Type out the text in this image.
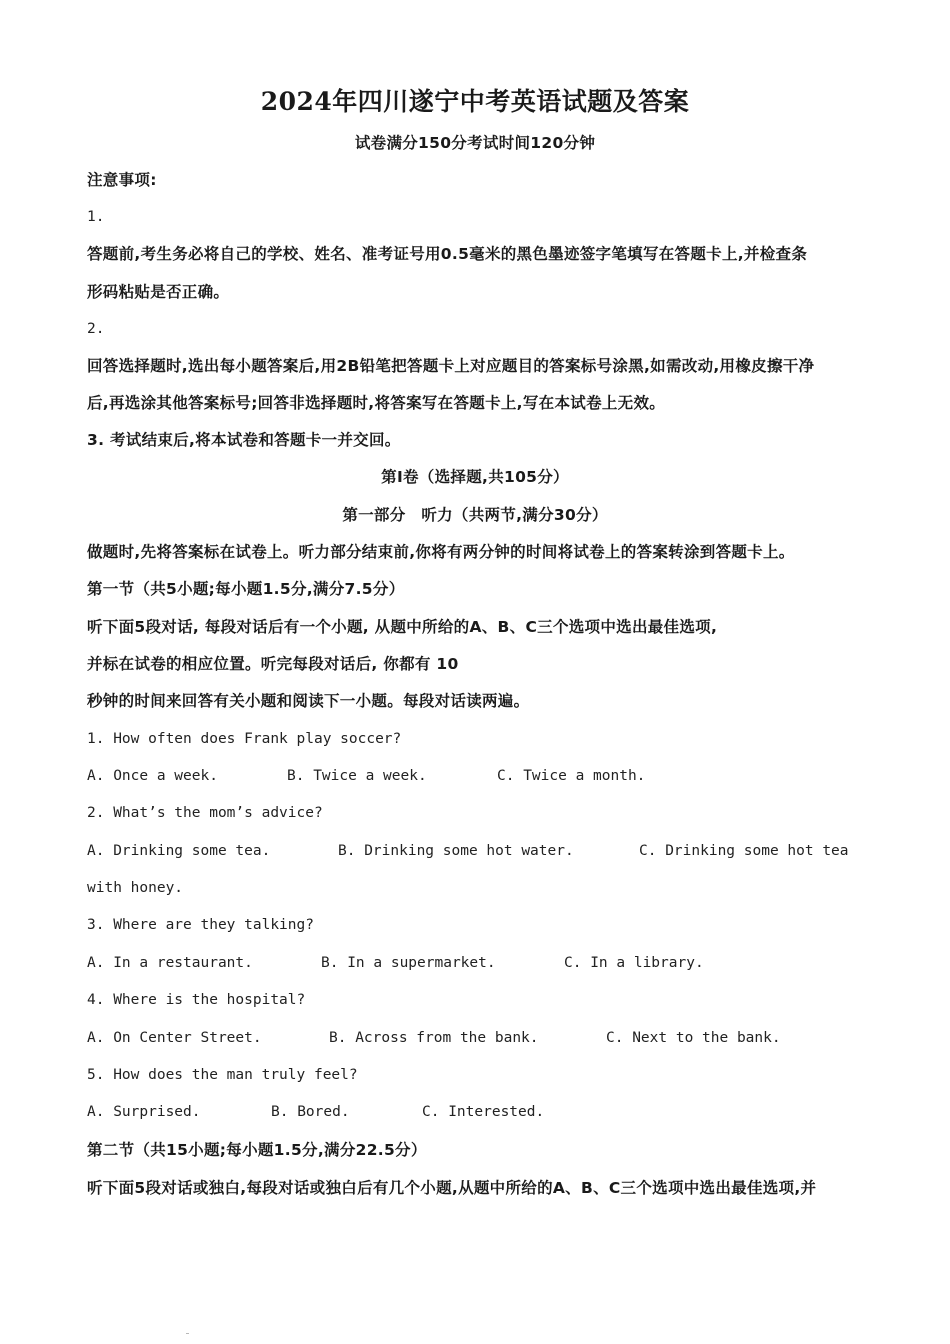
2024年四川遂宁中考英语试题及答案
试卷满分150分考试时间120分钟
注意事项:
1.
答题前,考生务必将自己的学校、姓名、准考证号用0.5毫米的黑色墨迹签字笔填写在答题卡上,并检查条
形码粘贴是否正确。
2.
回答选择题时,选出每小题答案后,用2B铅笔把答题卡上对应题目的答案标号涂黑,如需改动,用橡皮擦干净
后,再选涂其他答案标号;回答非选择题时,将答案写在答题卡上,写在本试卷上无效。
3. 考试结束后,将本试卷和答题卡一并交回。
第Ⅰ卷（选择题,共105分）
第一部分　听力（共两节,满分30分）
做题时,先将答案标在试卷上。听力部分结束前,你将有两分钟的时间将试卷上的答案转涂到答题卡上。
第一节（共5小题;每小题1.5分,满分7.5分）
听下面5段对话, 每段对话后有一个小题, 从题中所给的A、B、C三个选项中选出最佳选项,
并标在试卷的相应位置。听完每段对话后, 你都有 10
秒钟的时间来回答有关小题和阅读下一小题。每段对话读两遍。
1. How often does Frank play soccer?
A. Once a week.	B. Twice a week.	C. Twice a month.
2. What’s the mom’s advice?
A. Drinking some tea.	B. Drinking some hot water.	C. Drinking some hot tea
with honey.
3. Where are they talking?
A. In a restaurant.	B. In a supermarket.	C. In a library.
4. Where is the hospital?
A. On Center Street.	B. Across from the bank.	C. Next to the bank.
5. How does the man truly feel?
A. Surprised.	B. Bored.	C. Interested.
第二节（共15小题;每小题1.5分,满分22.5分）
听下面5段对话或独白,每段对话或独白后有几个小题,从题中所给的A、B、C三个选项中选出最佳选项,并
